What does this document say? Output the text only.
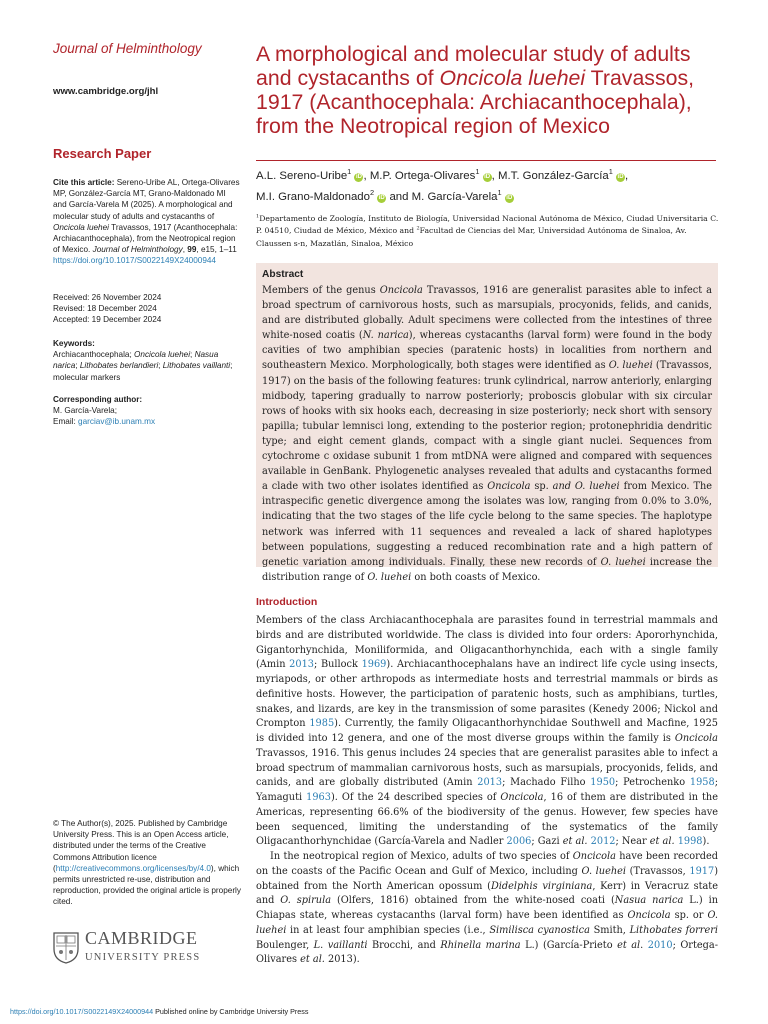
Journal of Helminthology
www.cambridge.org/jhl
Research Paper
Cite this article: Sereno-Uribe AL, Ortega-Olivares MP, González-García MT, Grano-Maldonado MI and García-Varela M (2025). A morphological and molecular study of adults and cystacanths of Oncicola luehei Travassos, 1917 (Acanthocephala: Archiacanthocephala), from the Neotropical region of Mexico. Journal of Helminthology, 99, e15, 1–11
https://doi.org/10.1017/S0022149X24000944
Received: 26 November 2024
Revised: 18 December 2024
Accepted: 19 December 2024
Keywords:
Archiacanthocephala; Oncicola luehei; Nasua narica; Lithobates berlandieri; Lithobates vaillanti; molecular markers
Corresponding author:
M. García-Varela;
Email: garciav@ib.unam.mx
© The Author(s), 2025. Published by Cambridge University Press. This is an Open Access article, distributed under the terms of the Creative Commons Attribution licence (http://creativecommons.org/licenses/by/4.0), which permits unrestricted re-use, distribution and reproduction, provided the original article is properly cited.
CAMBRIDGE
UNIVERSITY PRESS
A morphological and molecular study of adults and cystacanths of Oncicola luehei Travassos, 1917 (Acanthocephala: Archiacanthocephala), from the Neotropical region of Mexico
A.L. Sereno-Uribe$^1$ iD , M.P. Ortega-Olivares$^1$ iD , M.T. González-García$^1$ iD ,
M.I. Grano-Maldonado$^2$ iD and M. García-Varela$^1$ iD
$^1$Departamento de Zoología, Instituto de Biología, Universidad Nacional Autónoma de México, Ciudad Universitaria C. P. 04510, Ciudad de México, México and $^2$Facultad de Ciencias del Mar, Universidad Autónoma de Sinaloa, Av. Claussen s-n, Mazatlán, Sinaloa, México
Abstract

Members of the genus Oncicola Travassos, 1916 are generalist parasites able to infect a broad spectrum of carnivorous hosts, such as marsupials, procyonids, felids, and canids, and are distributed globally. Adult specimens were collected from the intestines of three white-nosed coatis (N. narica), whereas cystacanths (larval form) were found in the body cavities of two amphibian species (paratenic hosts) in localities from northern and southeastern Mexico. Morphologically, both stages were identified as O. luehei (Travassos, 1917) on the basis of the following features: trunk cylindrical, narrow anteriorly, enlarging midbody, tapering gradually to narrow posteriorly; proboscis globular with six circular rows of hooks with six hooks each, decreasing in size posteriorly; neck short with sensory papilla; tubular lemnisci long, extending to the posterior region; protonephridia dendritic type; and eight cement glands, compact with a single giant nuclei. Sequences from cytochrome c oxidase subunit 1 from mtDNA were aligned and compared with sequences available in GenBank. Phylogenetic analyses revealed that adults and cystacanths formed a clade with two other isolates identified as Oncicola sp. and O. luehei from Mexico. The intraspecific genetic divergence among the isolates was low, ranging from 0.0% to 3.0%, indicating that the two stages of the life cycle belong to the same species. The haplotype network was inferred with 11 sequences and revealed a lack of shared haplotypes between populations, suggesting a reduced recombination rate and a high pattern of genetic variation among individuals. Finally, these new records of O. luehei increase the distribution range of O. luehei on both coasts of Mexico.

Introduction

Members of the class Archiacanthocephala are parasites found in terrestrial mammals and birds and are distributed worldwide. The class is divided into four orders: Apororhynchida, Gigantorhynchida, Moniliformida, and Oligacanthorhynchida, each with a single family (Amin 2013; Bullock 1969). Archiacanthocephalans have an indirect life cycle using insects, myriapods, or other arthropods as intermediate hosts and terrestrial mammals or birds as definitive hosts. However, the participation of paratenic hosts, such as amphibians, turtles, snakes, and lizards, are key in the transmission of some parasites (Kenedy 2006; Nickol and Crompton 1985). Currently, the family Oligacanthorhynchidae Southwell and Macfine, 1925 is divided into 12 genera, and one of the most diverse groups within the family is Oncicola Travassos, 1916. This genus includes 24 species that are generalist parasites able to infect a broad spectrum of mammalian carnivorous hosts, such as marsupials, procyonids, felids, and canids, and are globally distributed (Amin 2013; Machado Filho 1950; Petrochenko 1958; Yamaguti 1963). Of the 24 described species of Oncicola, 16 of them are distributed in the Americas, representing 66.6% of the biodiversity of the genus. However, few species have been sequenced, limiting the understanding of the systematics of the family Oligacanthorhynchidae (García-Varela and Nadler 2006; Gazi et al. 2012; Near et al. 1998).

In the neotropical region of Mexico, adults of two species of Oncicola have been recorded on the coasts of the Pacific Ocean and Gulf of Mexico, including O. luehei (Travassos, 1917) obtained from the North American opossum (Didelphis virginiana, Kerr) in Veracruz state and O. spirula (Olfers, 1816) obtained from the white-nosed coati (Nasua narica L.) in Chiapas state, whereas cystacanths (larval form) have been identified as Oncicola sp. or O. luehei in at least four amphibian species (i.e., Similisca cyanostica Smith, Lithobates forreri Boulenger, L. vaillanti Brocchi, and Rhinella marina L.) (García-Prieto et al. 2010; Ortega-Olivares et al. 2013).

https://doi.org/10.1017/S0022149X24000944 Published online by Cambridge University Press
